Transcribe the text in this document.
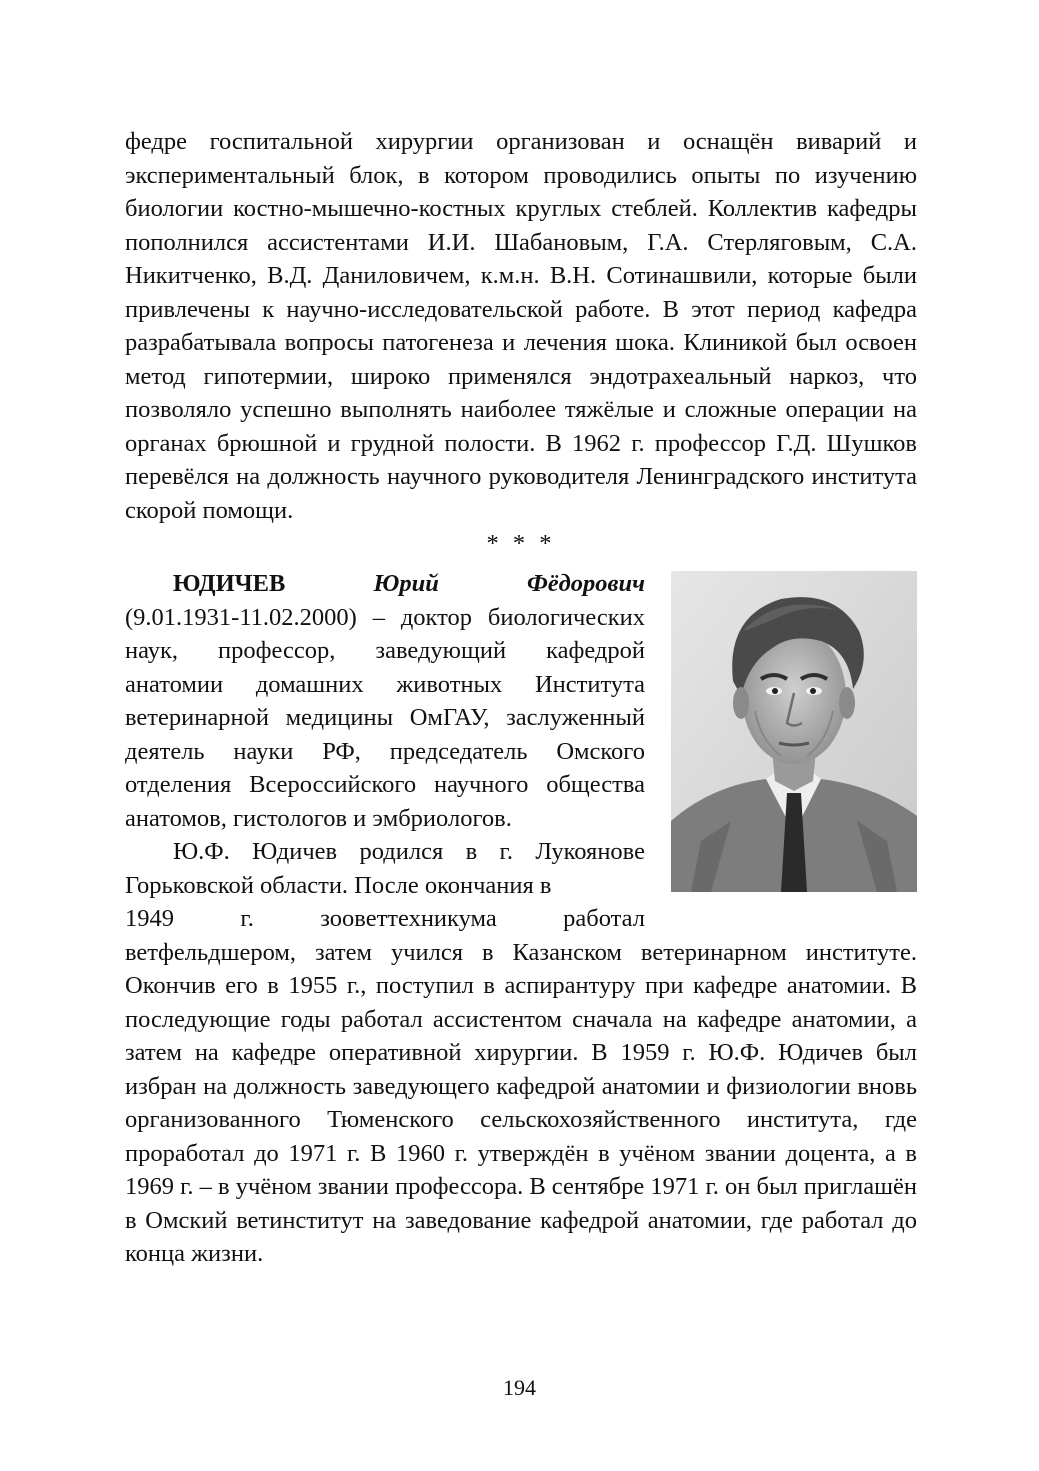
федре госпитальной хирургии организован и оснащён виварий и экспериментальный блок, в котором проводились опыты по изучению биологии костно-мышечно-костных круглых стеблей. Коллектив кафедры пополнился ассистентами И.И. Шабановым, Г.А. Стерляговым, С.А. Никитченко, В.Д. Даниловичем, к.м.н. В.Н. Сотинашвили, которые были привлечены к научно-исследовательской работе. В этот период кафедра разрабатывала вопросы патогенеза и лечения шока. Клиникой был освоен метод гипотермии, широко применялся эндотрахеальный наркоз, что позволяло успешно выполнять наиболее тяжёлые и сложные операции на органах брюшной и грудной полости. В 1962 г. профессор Г.Д. Шушков перевёлся на должность научного руководителя Ленинградского института скорой помощи.

* * *

ЮДИЧЕВ	Юрий	Фёдорович

(9.01.1931-11.02.2000) – доктор биологических наук, профессор, заведующий кафедрой анатомии домашних животных Института ветеринарной медицины ОмГАУ, заслуженный деятель науки РФ, председатель Омского отделения Всероссийского научного общества анатомов, гистологов и эмбриологов.

Ю.Ф. Юдичев родился в г. Лукоянове Горьковской области. После окончания в

1949	г.	зооветтехникума	работал

ветфельдшером, затем учился в Казанском ветеринарном институте. Окончив его в 1955 г., поступил в аспирантуру при кафедре анатомии. В последующие годы работал ассистентом сначала на кафедре анатомии, а затем на кафедре оперативной хирургии. В 1959 г. Ю.Ф. Юдичев был избран на должность заведующего кафедрой анатомии и физиологии вновь организованного Тюменского сельскохозяйственного института, где проработал до 1971 г. В 1960 г. утверждён в учёном звании доцента, а в 1969 г. – в учёном звании профессора. В сентябре 1971 г. он был приглашён в Омский ветинститут на заведование кафедрой анатомии, где работал до конца жизни.

194
